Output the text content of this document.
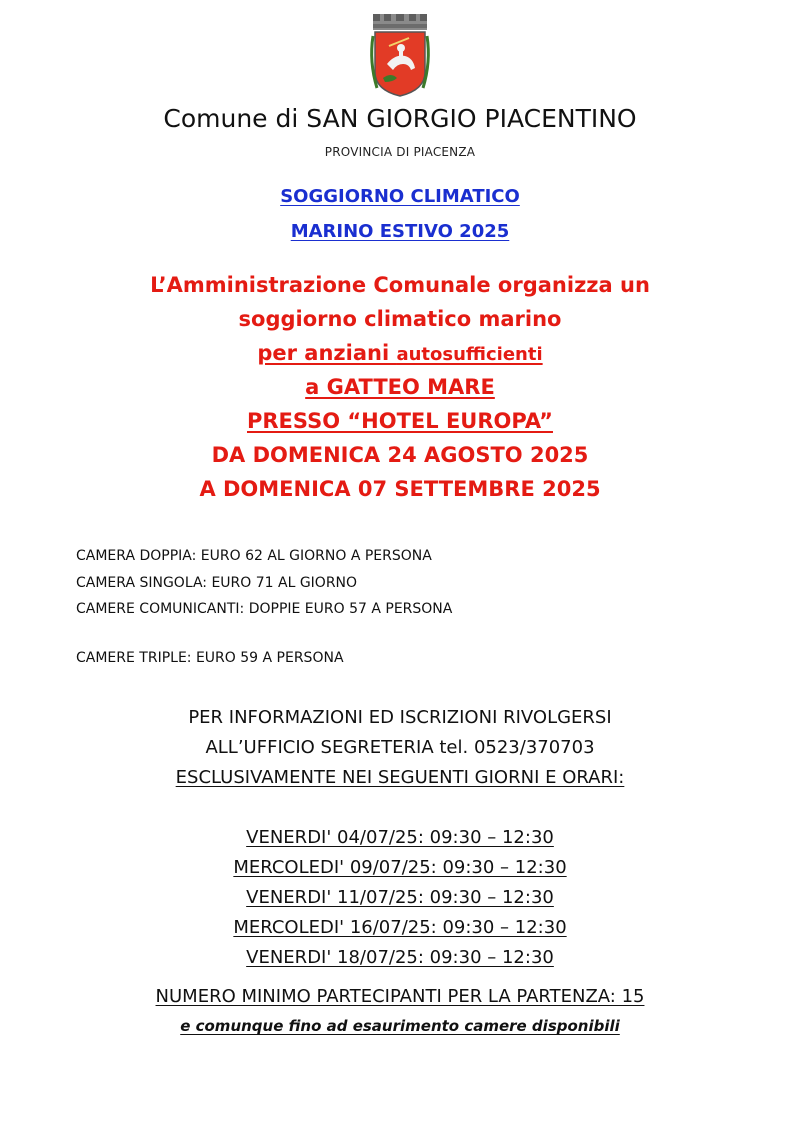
Comune di SAN GIORGIO PIACENTINO
PROVINCIA DI PIACENZA
SOGGIORNO CLIMATICO
MARINO ESTIVO 2025
L’Amministrazione Comunale organizza un
soggiorno climatico marino
per anziani autosufficienti
a GATTEO MARE
PRESSO “HOTEL EUROPA”
DA DOMENICA 24 AGOSTO 2025
A DOMENICA 07 SETTEMBRE 2025
CAMERA DOPPIA: EURO 62 AL GIORNO A PERSONA
CAMERA SINGOLA: EURO 71 AL GIORNO
CAMERE COMUNICANTI: DOPPIE EURO 57 A PERSONA
CAMERE TRIPLE: EURO 59 A PERSONA
PER INFORMAZIONI ED ISCRIZIONI RIVOLGERSI
ALL’UFFICIO SEGRETERIA tel. 0523/370703
ESCLUSIVAMENTE NEI SEGUENTI GIORNI E ORARI:
VENERDI' 04/07/25: 09:30 – 12:30
MERCOLEDI' 09/07/25: 09:30 – 12:30
VENERDI' 11/07/25: 09:30 – 12:30
MERCOLEDI' 16/07/25: 09:30 – 12:30
VENERDI' 18/07/25: 09:30 – 12:30
NUMERO MINIMO PARTECIPANTI PER LA PARTENZA: 15
e comunque fino ad esaurimento camere disponibili
